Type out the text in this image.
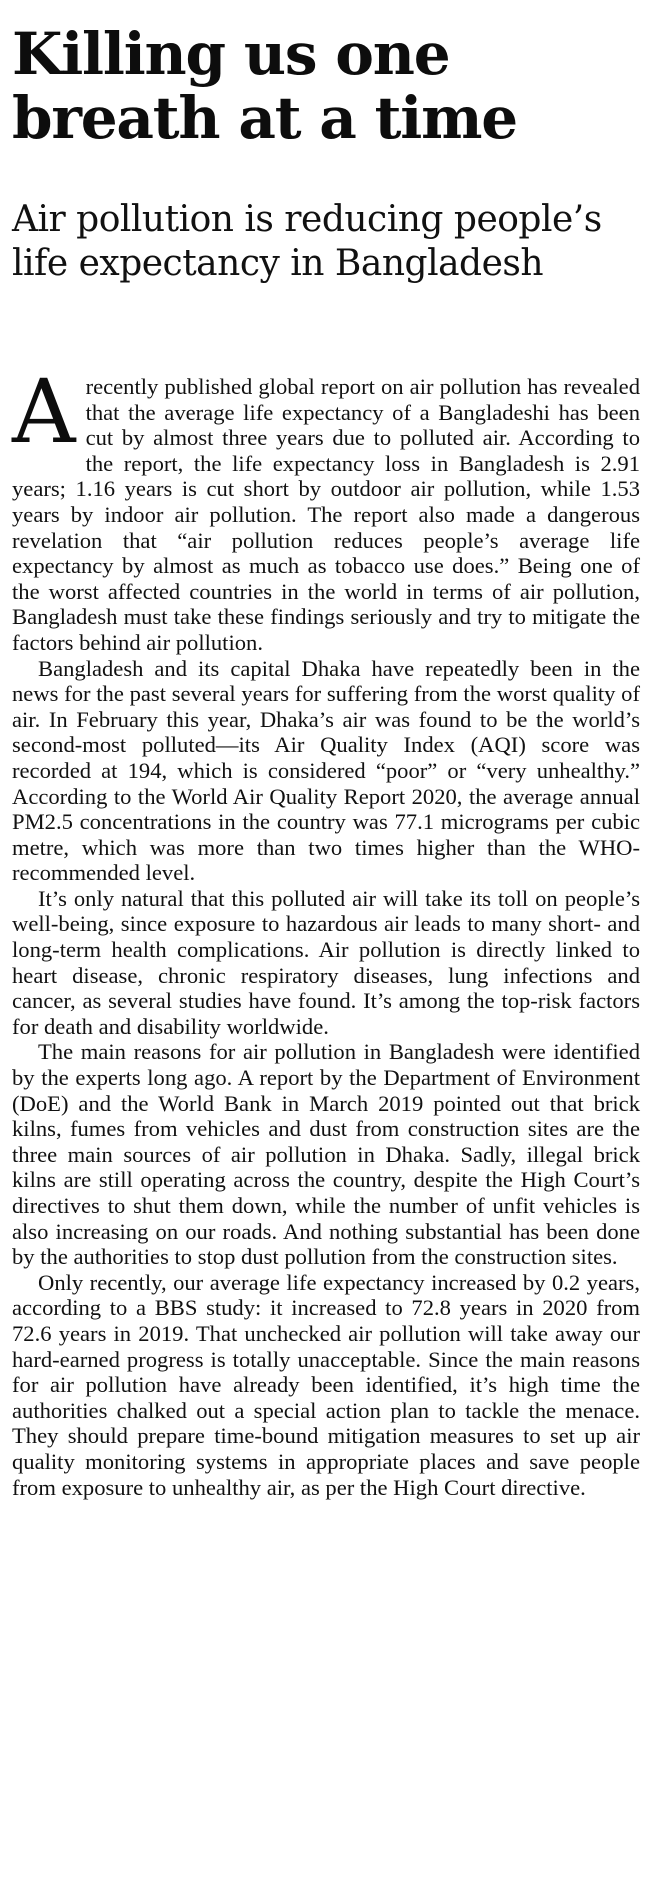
Killing us one breath at a time
Air pollution is reducing people’s life expectancy in Bangladesh

Arecently published global report on air pollution has revealed that the average life expectancy of a Bangladeshi has been cut by almost three years due to polluted air. According to the report, the life expectancy loss in Bangladesh is 2.91 years; 1.16 years is cut short by outdoor air pollution, while 1.53 years by indoor air pollution. The report also made a dangerous revelation that “air pollution reduces people’s average life expectancy by almost as much as tobacco use does.” Being one of the worst affected countries in the world in terms of air pollution, Bangladesh must take these findings seriously and try to mitigate the factors behind air pollution.

Bangladesh and its capital Dhaka have repeatedly been in the news for the past several years for suffering from the worst quality of air. In February this year, Dhaka’s air was found to be the world’s second-most polluted—its Air Quality Index (AQI) score was recorded at 194, which is considered “poor” or “very unhealthy.” According to the World Air Quality Report 2020, the average annual PM2.5 concentrations in the country was 77.1 micrograms per cubic metre, which was more than two times higher than the WHO-recommended level.

It’s only natural that this polluted air will take its toll on people’s well-being, since exposure to hazardous air leads to many short- and long-term health complications. Air pollution is directly linked to heart disease, chronic respiratory diseases, lung infections and cancer, as several studies have found. It’s among the top-risk factors for death and disability worldwide.

The main reasons for air pollution in Bangladesh were identified by the experts long ago. A report by the Department of Environment (DoE) and the World Bank in March 2019 pointed out that brick kilns, fumes from vehicles and dust from construction sites are the three main sources of air pollution in Dhaka. Sadly, illegal brick kilns are still operating across the country, despite the High Court’s directives to shut them down, while the number of unfit vehicles is also increasing on our roads. And nothing substantial has been done by the authorities to stop dust pollution from the construction sites.

Only recently, our average life expectancy increased by 0.2 years, according to a BBS study: it increased to 72.8 years in 2020 from 72.6 years in 2019. That unchecked air pollution will take away our hard-earned progress is totally unacceptable. Since the main reasons for air pollution have already been identified, it’s high time the authorities chalked out a special action plan to tackle the menace. They should prepare time-bound mitigation measures to set up air quality monitoring systems in appropriate places and save people from exposure to unhealthy air, as per the High Court directive.
